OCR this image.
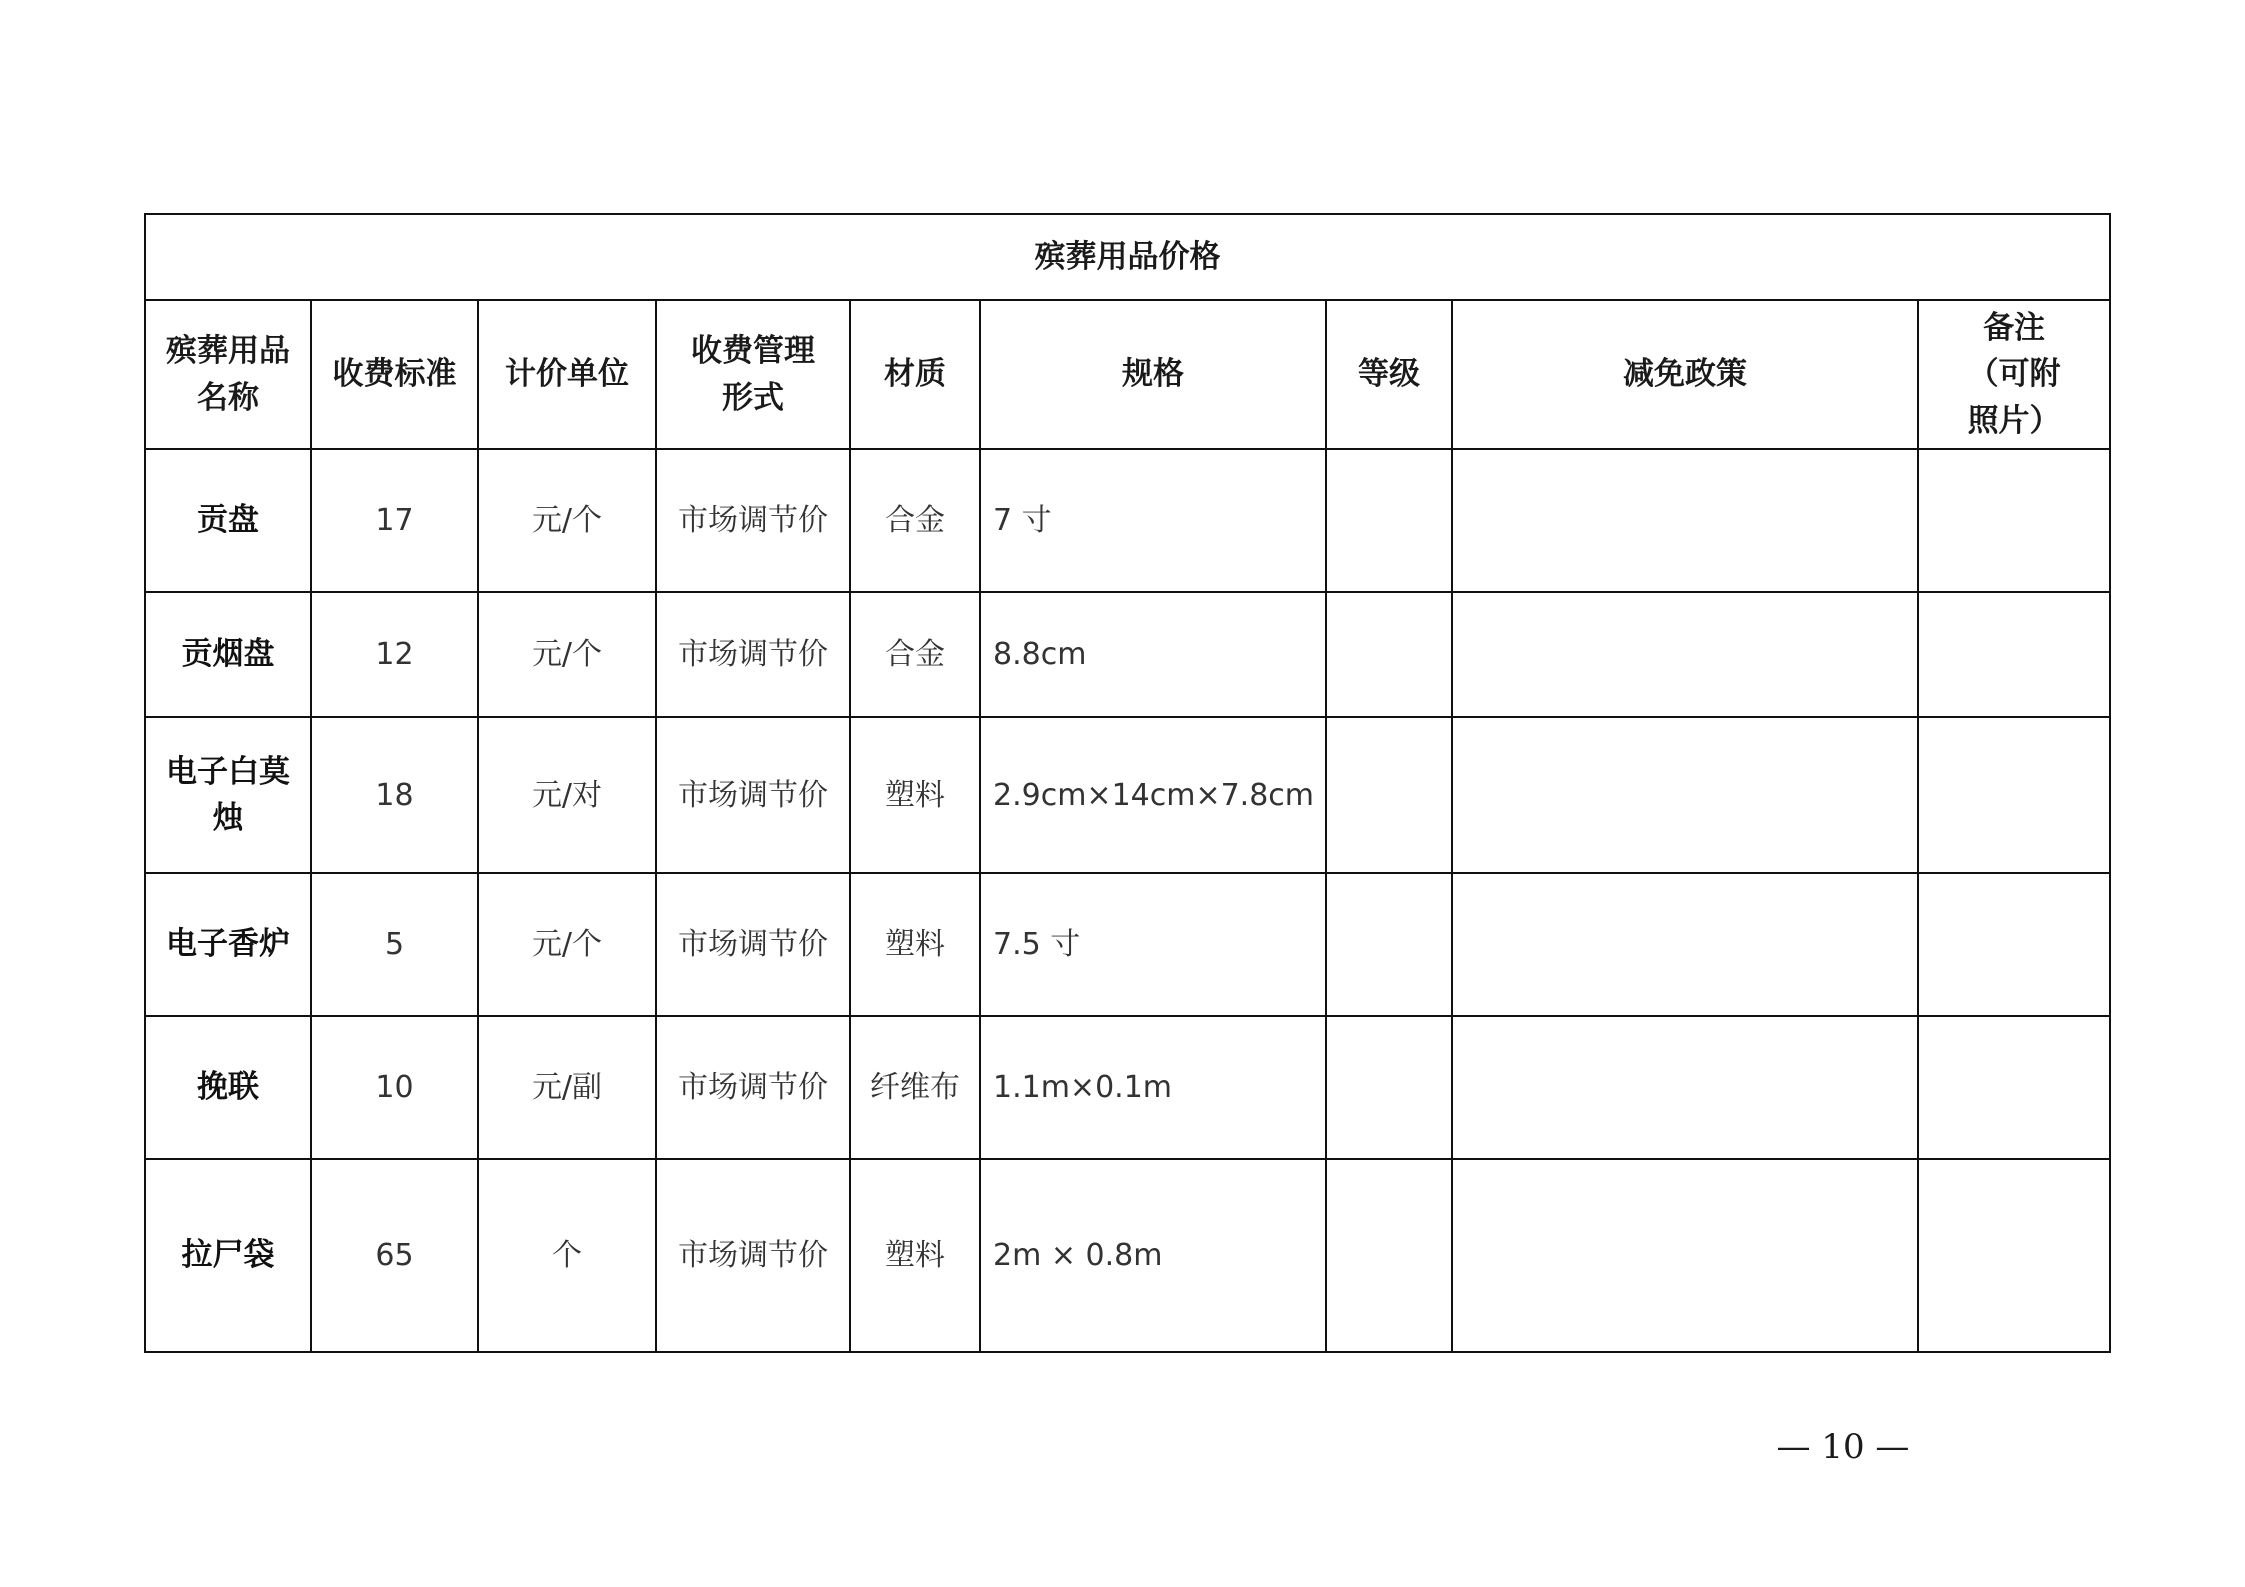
殡葬用品价格								
殡葬用品名称	收费标准	计价单位	收费管理形式	材质	规格	等级	减免政策	备注（可附照片）
贡盘	17	元/个	市场调节价	合金	7 寸			
贡烟盘	12	元/个	市场调节价	合金	8.8cm			
电子白莫烛	18	元/对	市场调节价	塑料	2.9cm×14cm×7.8cm			
电子香炉	5	元/个	市场调节价	塑料	7.5 寸			
挽联	10	元/副	市场调节价	纤维布	1.1m×0.1m			
拉尸袋	65	个	市场调节价	塑料	2m × 0.8m			
— 10 —
